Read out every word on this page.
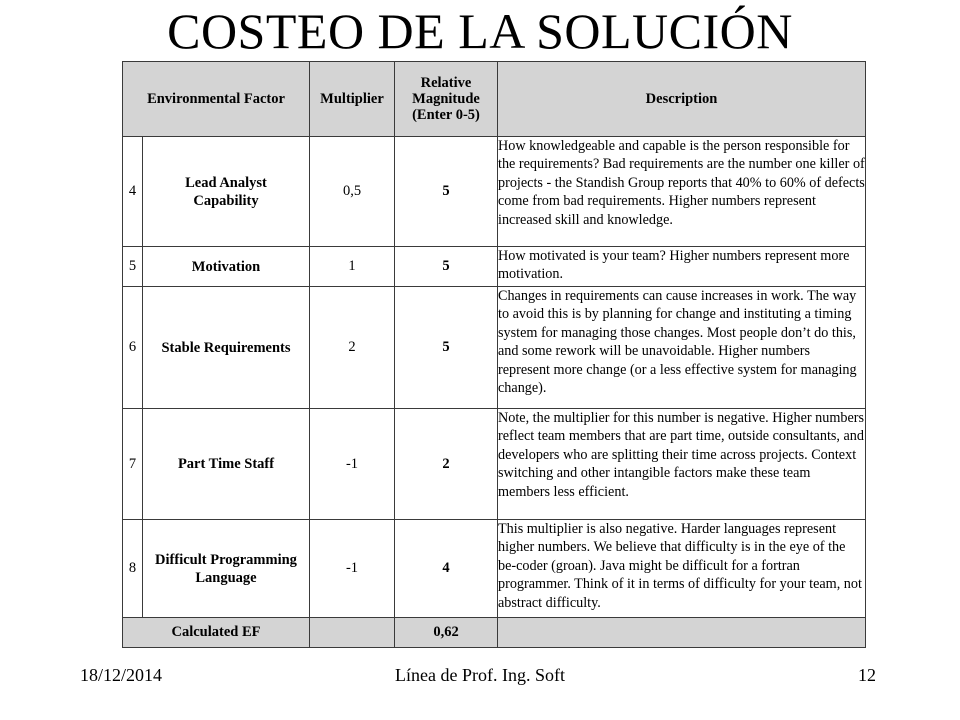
COSTEO DE LA SOLUCIÓN
Environmental Factor		Multiplier	Relative Magnitude (Enter 0-5)	Description
4	Lead Analyst Capability	0,5	5	How knowledgeable and capable is the person responsible for the requirements? Bad requirements are the number one killer of projects - the Standish Group reports that 40% to 60% of defects come from bad requirements. Higher numbers represent increased skill and knowledge.
5	Motivation	1	5	How motivated is your team? Higher numbers represent more motivation.
6	Stable Requirements	2	5	Changes in requirements can cause increases in work. The way to avoid this is by planning for change and instituting a timing system for managing those changes. Most people don’t do this, and some rework will be unavoidable. Higher numbers represent more change (or a less effective system for managing change).
7	Part Time Staff	-1	2	Note, the multiplier for this number is negative. Higher numbers reflect team members that are part time, outside consultants, and developers who are splitting their time across projects. Context switching and other intangible factors make these team members less efficient.
8	Difficult Programming Language	-1	4	This multiplier is also negative. Harder languages represent higher numbers. We believe that difficulty is in the eye of the be-coder (groan). Java might be difficult for a fortran programmer. Think of it in terms of difficulty for your team, not abstract difficulty.
Calculated EF			0,62	
Línea de Prof. Ing. Soft
18/12/2014	12
